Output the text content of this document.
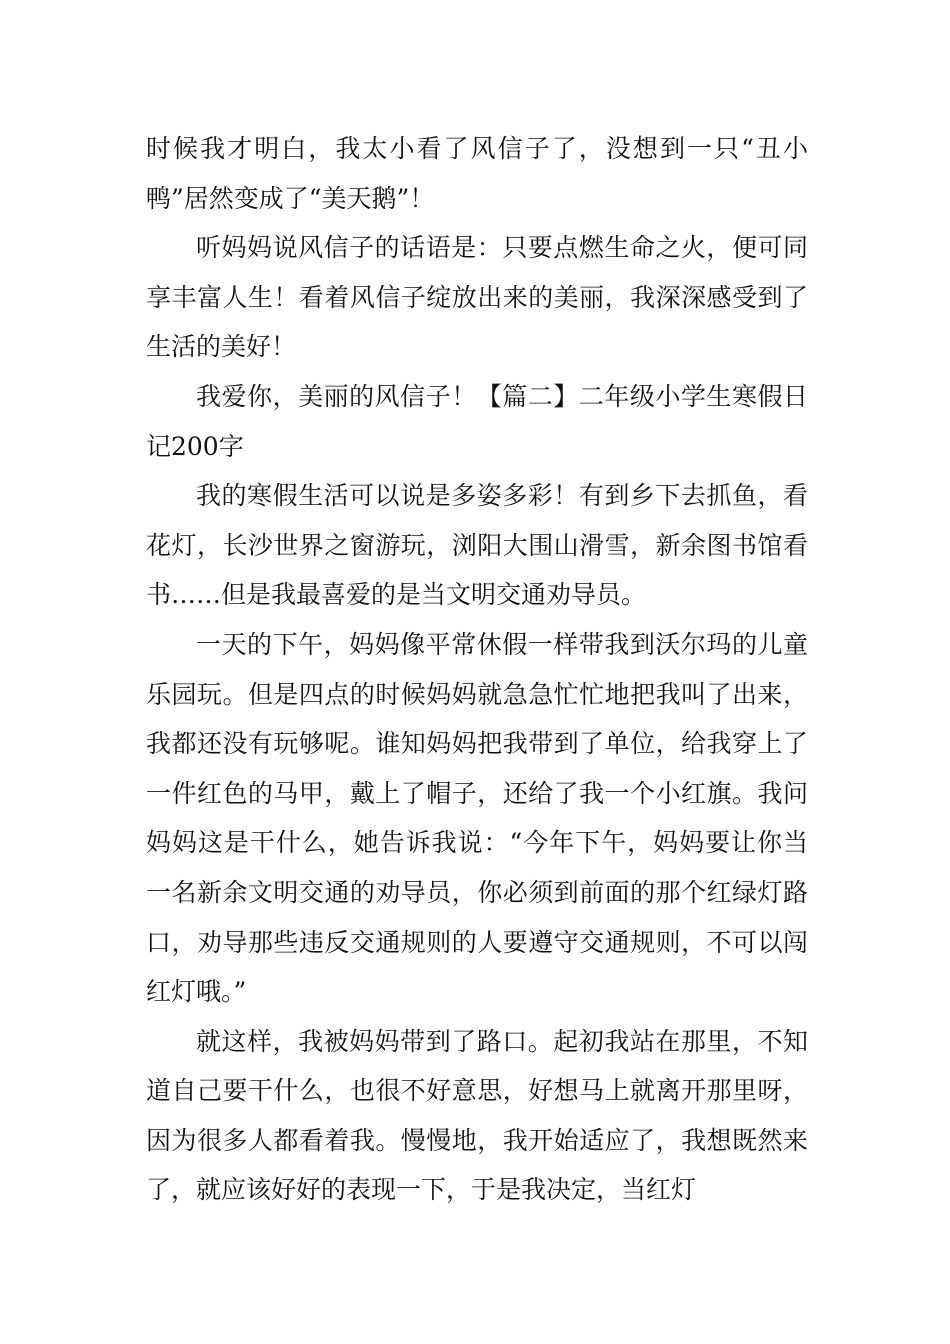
时候我才明白，我太小看了风信子了，没想到一只“丑小鸭”居然变成了“美天鹅”！

听妈妈说风信子的话语是：只要点燃生命之火，便可同享丰富人生！看着风信子绽放出来的美丽，我深深感受到了生活的美好！

我爱你，美丽的风信子！【篇二】二年级小学生寒假日记200字

我的寒假生活可以说是多姿多彩！有到乡下去抓鱼，看花灯，长沙世界之窗游玩，浏阳大围山滑雪，新余图书馆看书……但是我最喜爱的是当文明交通劝导员。

一天的下午，妈妈像平常休假一样带我到沃尔玛的儿童乐园玩。但是四点的时候妈妈就急急忙忙地把我叫了出来，我都还没有玩够呢。谁知妈妈把我带到了单位，给我穿上了一件红色的马甲，戴上了帽子，还给了我一个小红旗。我问妈妈这是干什么，她告诉我说：“今年下午，妈妈要让你当一名新余文明交通的劝导员，你必须到前面的那个红绿灯路口，劝导那些违反交通规则的人要遵守交通规则，不可以闯红灯哦。”

就这样，我被妈妈带到了路口。起初我站在那里，不知道自己要干什么，也很不好意思，好想马上就离开那里呀，因为很多人都看着我。慢慢地，我开始适应了，我想既然来了，就应该好好的表现一下，于是我决定，当红灯
